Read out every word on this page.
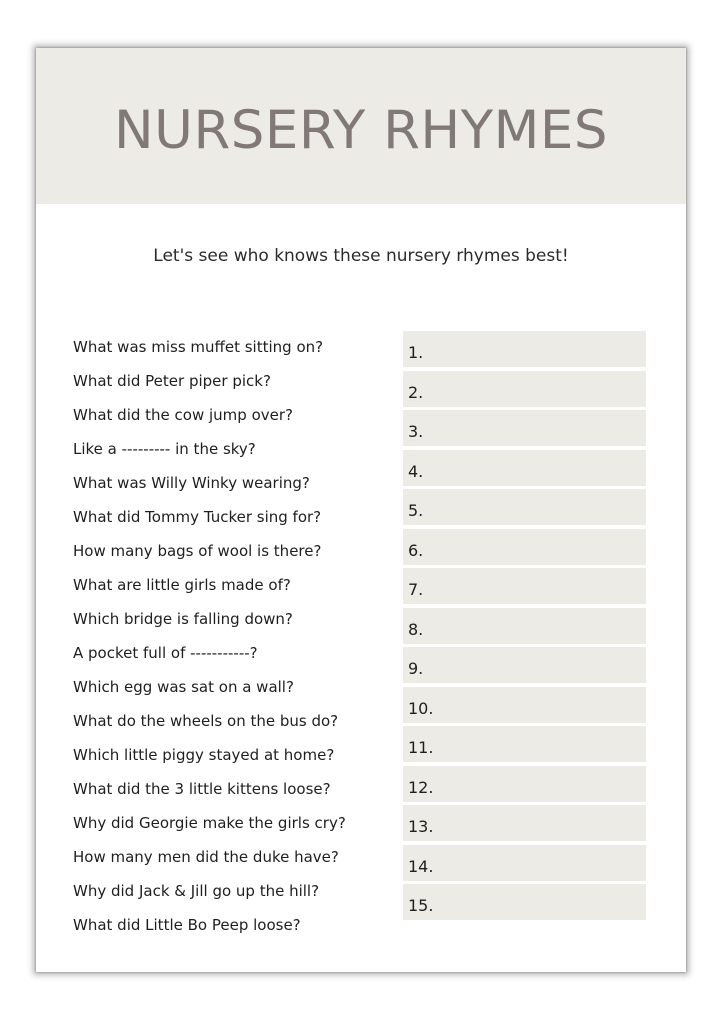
NURSERY RHYMES

Let's see who knows these nursery rhymes best!

What was miss muffet sitting on?
What did Peter piper pick?
What did the cow jump over?
Like a --------- in the sky?
What was Willy Winky wearing?
What did Tommy Tucker sing for?
How many bags of wool is there?
What are little girls made of?
Which bridge is falling down?
A pocket full of -----------?
Which egg was sat on a wall?
What do the wheels on the bus do?
Which little piggy stayed at home?
What did the 3 little kittens loose?
Why did Georgie make the girls cry?
How many men did the duke have?
Why did Jack & Jill go up the hill?
What did Little Bo Peep loose?
1.
2.
3.
4.
5.
6.
7.
8.
9.
10.
11.
12.
13.
14.
15.
